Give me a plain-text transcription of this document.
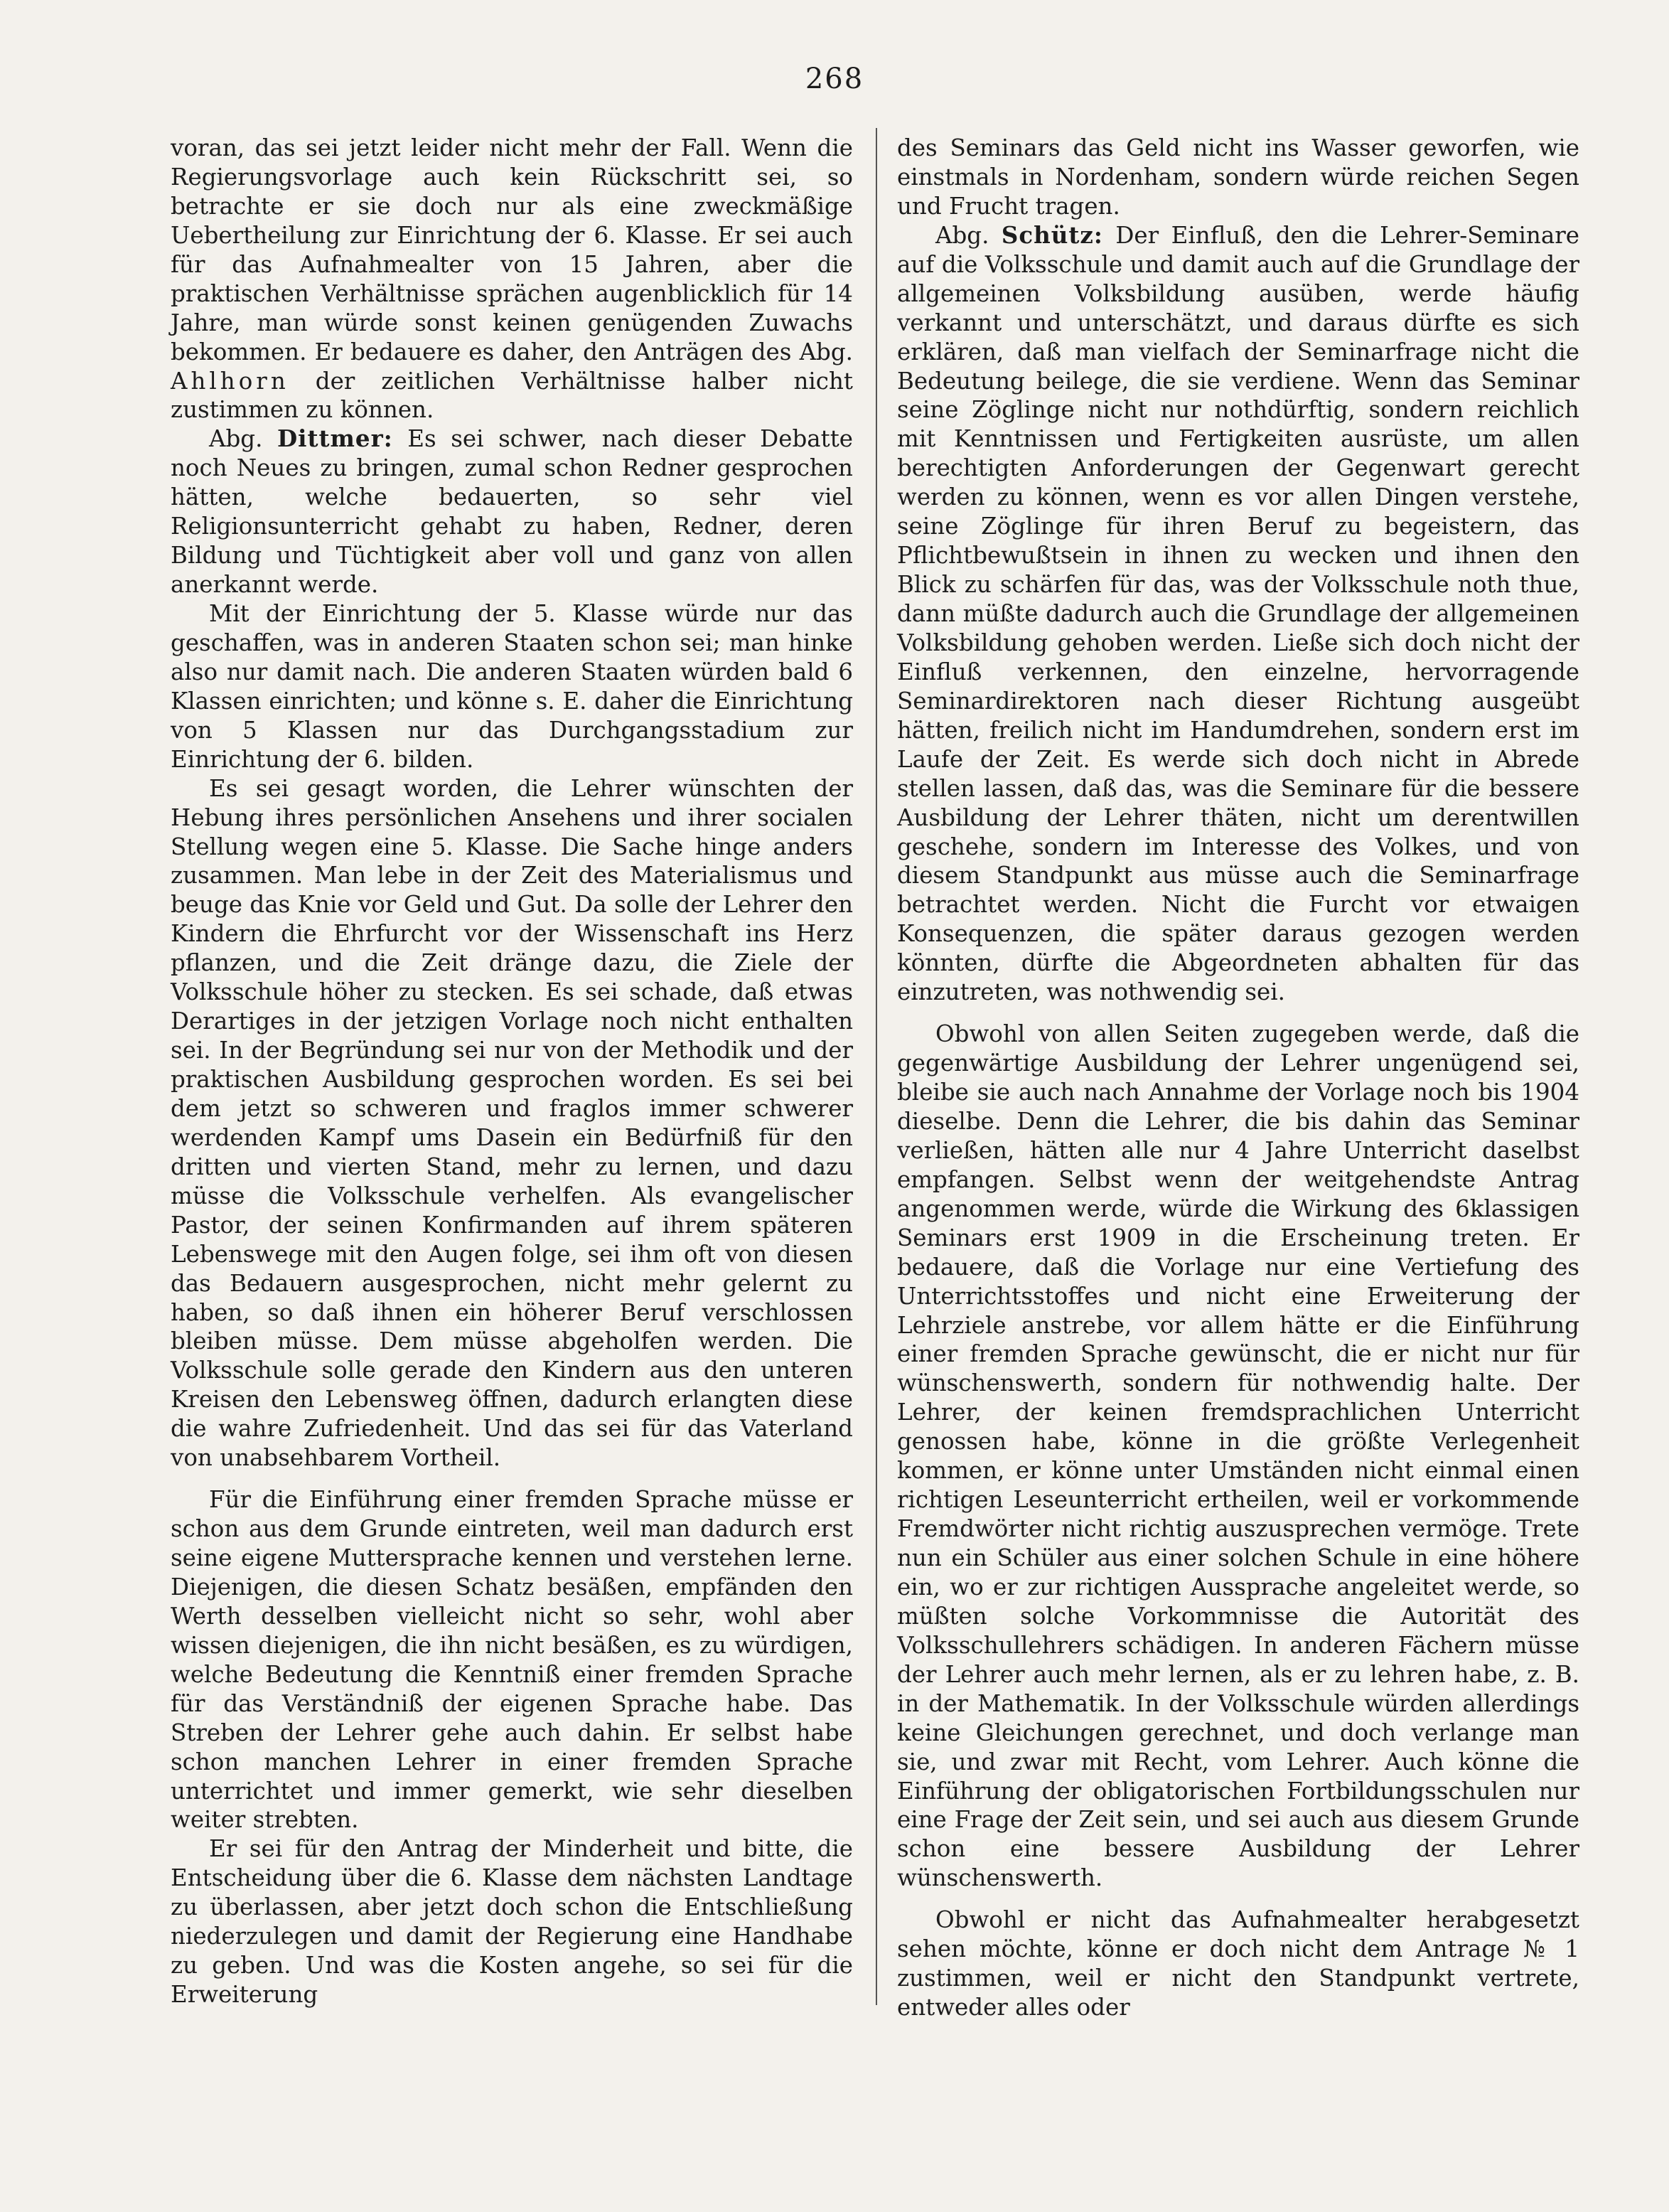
268

voran, das sei jetzt leider nicht mehr der Fall. Wenn die Regierungsvorlage auch kein Rückschritt sei, so betrachte er sie doch nur als eine zweckmäßige Uebertheilung zur Einrichtung der 6. Klasse. Er sei auch für das Aufnahmealter von 15 Jahren, aber die praktischen Verhältnisse sprächen augenblicklich für 14 Jahre, man würde sonst keinen genügenden Zuwachs bekommen. Er bedauere es daher, den Anträgen des Abg. Ahlhorn der zeitlichen Verhältnisse halber nicht zustimmen zu können.

Abg. Dittmer: Es sei schwer, nach dieser Debatte noch Neues zu bringen, zumal schon Redner gesprochen hätten, welche bedauerten, so sehr viel Religionsunterricht gehabt zu haben, Redner, deren Bildung und Tüchtigkeit aber voll und ganz von allen anerkannt werde.

Mit der Einrichtung der 5. Klasse würde nur das geschaffen, was in anderen Staaten schon sei; man hinke also nur damit nach. Die anderen Staaten würden bald 6 Klassen einrichten; und könne s. E. daher die Einrichtung von 5 Klassen nur das Durchgangsstadium zur Einrichtung der 6. bilden.

Es sei gesagt worden, die Lehrer wünschten der Hebung ihres persönlichen Ansehens und ihrer socialen Stellung wegen eine 5. Klasse. Die Sache hinge anders zusammen. Man lebe in der Zeit des Materialismus und beuge das Knie vor Geld und Gut. Da solle der Lehrer den Kindern die Ehrfurcht vor der Wissenschaft ins Herz pflanzen, und die Zeit dränge dazu, die Ziele der Volksschule höher zu stecken. Es sei schade, daß etwas Derartiges in der jetzigen Vorlage noch nicht enthalten sei. In der Begründung sei nur von der Methodik und der praktischen Ausbildung gesprochen worden. Es sei bei dem jetzt so schweren und fraglos immer schwerer werdenden Kampf ums Dasein ein Bedürfniß für den dritten und vierten Stand, mehr zu lernen, und dazu müsse die Volksschule verhelfen. Als evangelischer Pastor, der seinen Konfirmanden auf ihrem späteren Lebenswege mit den Augen folge, sei ihm oft von diesen das Bedauern ausgesprochen, nicht mehr gelernt zu haben, so daß ihnen ein höherer Beruf verschlossen bleiben müsse. Dem müsse abgeholfen werden. Die Volksschule solle gerade den Kindern aus den unteren Kreisen den Lebensweg öffnen, dadurch erlangten diese die wahre Zufriedenheit. Und das sei für das Vaterland von unabsehbarem Vortheil.

Für die Einführung einer fremden Sprache müsse er schon aus dem Grunde eintreten, weil man dadurch erst seine eigene Muttersprache kennen und verstehen lerne. Diejenigen, die diesen Schatz besäßen, empfänden den Werth desselben vielleicht nicht so sehr, wohl aber wissen diejenigen, die ihn nicht besäßen, es zu würdigen, welche Bedeutung die Kenntniß einer fremden Sprache für das Verständniß der eigenen Sprache habe. Das Streben der Lehrer gehe auch dahin. Er selbst habe schon manchen Lehrer in einer fremden Sprache unterrichtet und immer gemerkt, wie sehr dieselben weiter strebten.

Er sei für den Antrag der Minderheit und bitte, die Entscheidung über die 6. Klasse dem nächsten Landtage zu überlassen, aber jetzt doch schon die Entschließung niederzulegen und damit der Regierung eine Handhabe zu geben. Und was die Kosten angehe, so sei für die Erweiterung

des Seminars das Geld nicht ins Wasser geworfen, wie einstmals in Nordenham, sondern würde reichen Segen und Frucht tragen.

Abg. Schütz: Der Einfluß, den die Lehrer-Seminare auf die Volksschule und damit auch auf die Grundlage der allgemeinen Volksbildung ausüben, werde häufig verkannt und unterschätzt, und daraus dürfte es sich erklären, daß man vielfach der Seminarfrage nicht die Bedeutung beilege, die sie verdiene. Wenn das Seminar seine Zöglinge nicht nur nothdürftig, sondern reichlich mit Kenntnissen und Fertigkeiten ausrüste, um allen berechtigten Anforderungen der Gegenwart gerecht werden zu können, wenn es vor allen Dingen verstehe, seine Zöglinge für ihren Beruf zu begeistern, das Pflichtbewußtsein in ihnen zu wecken und ihnen den Blick zu schärfen für das, was der Volksschule noth thue, dann müßte dadurch auch die Grundlage der allgemeinen Volksbildung gehoben werden. Ließe sich doch nicht der Einfluß verkennen, den einzelne, hervorragende Seminardirektoren nach dieser Richtung ausgeübt hätten, freilich nicht im Handumdrehen, sondern erst im Laufe der Zeit. Es werde sich doch nicht in Abrede stellen lassen, daß das, was die Seminare für die bessere Ausbildung der Lehrer thäten, nicht um derentwillen geschehe, sondern im Interesse des Volkes, und von diesem Standpunkt aus müsse auch die Seminarfrage betrachtet werden. Nicht die Furcht vor etwaigen Konsequenzen, die später daraus gezogen werden könnten, dürfte die Abgeordneten abhalten für das einzutreten, was nothwendig sei.

Obwohl von allen Seiten zugegeben werde, daß die gegenwärtige Ausbildung der Lehrer ungenügend sei, bleibe sie auch nach Annahme der Vorlage noch bis 1904 dieselbe. Denn die Lehrer, die bis dahin das Seminar verließen, hätten alle nur 4 Jahre Unterricht daselbst empfangen. Selbst wenn der weitgehendste Antrag angenommen werde, würde die Wirkung des 6klassigen Seminars erst 1909 in die Erscheinung treten. Er bedauere, daß die Vorlage nur eine Vertiefung des Unterrichtsstoffes und nicht eine Erweiterung der Lehrziele anstrebe, vor allem hätte er die Einführung einer fremden Sprache gewünscht, die er nicht nur für wünschenswerth, sondern für nothwendig halte. Der Lehrer, der keinen fremdsprachlichen Unterricht genossen habe, könne in die größte Verlegenheit kommen, er könne unter Umständen nicht einmal einen richtigen Leseunterricht ertheilen, weil er vorkommende Fremdwörter nicht richtig auszusprechen vermöge. Trete nun ein Schüler aus einer solchen Schule in eine höhere ein, wo er zur richtigen Aussprache angeleitet werde, so müßten solche Vorkommnisse die Autorität des Volksschullehrers schädigen. In anderen Fächern müsse der Lehrer auch mehr lernen, als er zu lehren habe, z. B. in der Mathematik. In der Volksschule würden allerdings keine Gleichungen gerechnet, und doch verlange man sie, und zwar mit Recht, vom Lehrer. Auch könne die Einführung der obligatorischen Fortbildungsschulen nur eine Frage der Zeit sein, und sei auch aus diesem Grunde schon eine bessere Ausbildung der Lehrer wünschenswerth.

Obwohl er nicht das Aufnahmealter herabgesetzt sehen möchte, könne er doch nicht dem Antrage № 1 zustimmen, weil er nicht den Standpunkt vertrete, entweder alles oder
